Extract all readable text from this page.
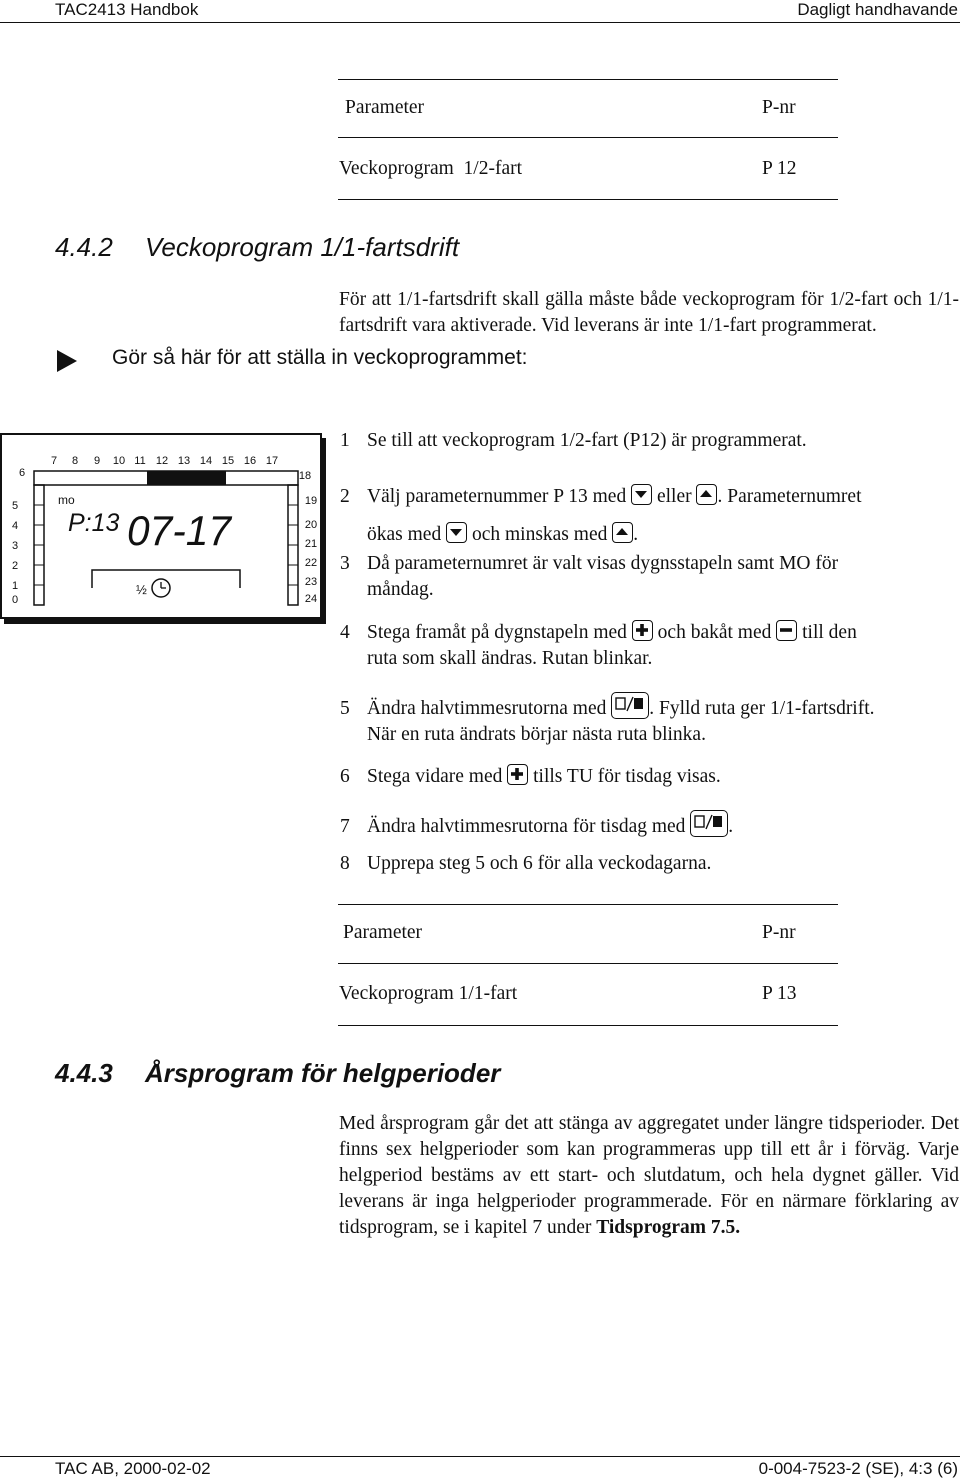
TAC2413 Handbok	Dagligt handhavande
Parameter	P-nr
Veckoprogram  1/2-fart	P 12
4.4.2 Veckoprogram 1/1-fartsdrift
För att 1/1-fartsdrift skall gälla måste både veckoprogram för 1/2-fart och 1/1-fartsdrift vara aktiverade. Vid leverans är inte 1/1-fart programmerat.
Gör så här för att ställa in veckoprogrammet:
7 8 9 10 11 12 13 14 15 16 17
6
5
4
3
2
1
0
18
19
20
21
22
23
24
mo
P:13 07-17
½
1 Se till att veckoprogram 1/2-fart (P12) är programmerat.
2 Välj parameternummer P 13 med eller . Parameternumret
ökas med och minskas med .
3 Då parameternumret är valt visas dygnsstapeln samt MO för
måndag.
4 Stega framåt på dygnstapeln med och bakåt med till den
ruta som skall ändras. Rutan blinkar.
5 Ändra halvtimmesrutorna med . Fylld ruta ger 1/1-fartsdrift.
När en ruta ändrats börjar nästa ruta blinka.
6 Stega vidare med tills TU för tisdag visas.
7 Ändra halvtimmesrutorna för tisdag med .
8 Upprepa steg 5 och 6 för alla veckodagarna.
Parameter	P-nr
Veckoprogram 1/1-fart	P 13
4.4.3 Årsprogram för helgperioder
Med årsprogram går det att stänga av aggregatet under längre tidsperioder. Det finns sex helgperioder som kan programmeras upp till ett år i förväg. Varje helgperiod bestäms av ett start- och slutdatum, och hela dygnet gäller. Vid leverans är inga helgperioder programmerade. För en närmare förklaring av tidsprogram, se i kapitel 7 under Tidsprogram 7.5.
TAC AB, 2000-02-02	0-004-7523-2 (SE), 4:3 (6)
